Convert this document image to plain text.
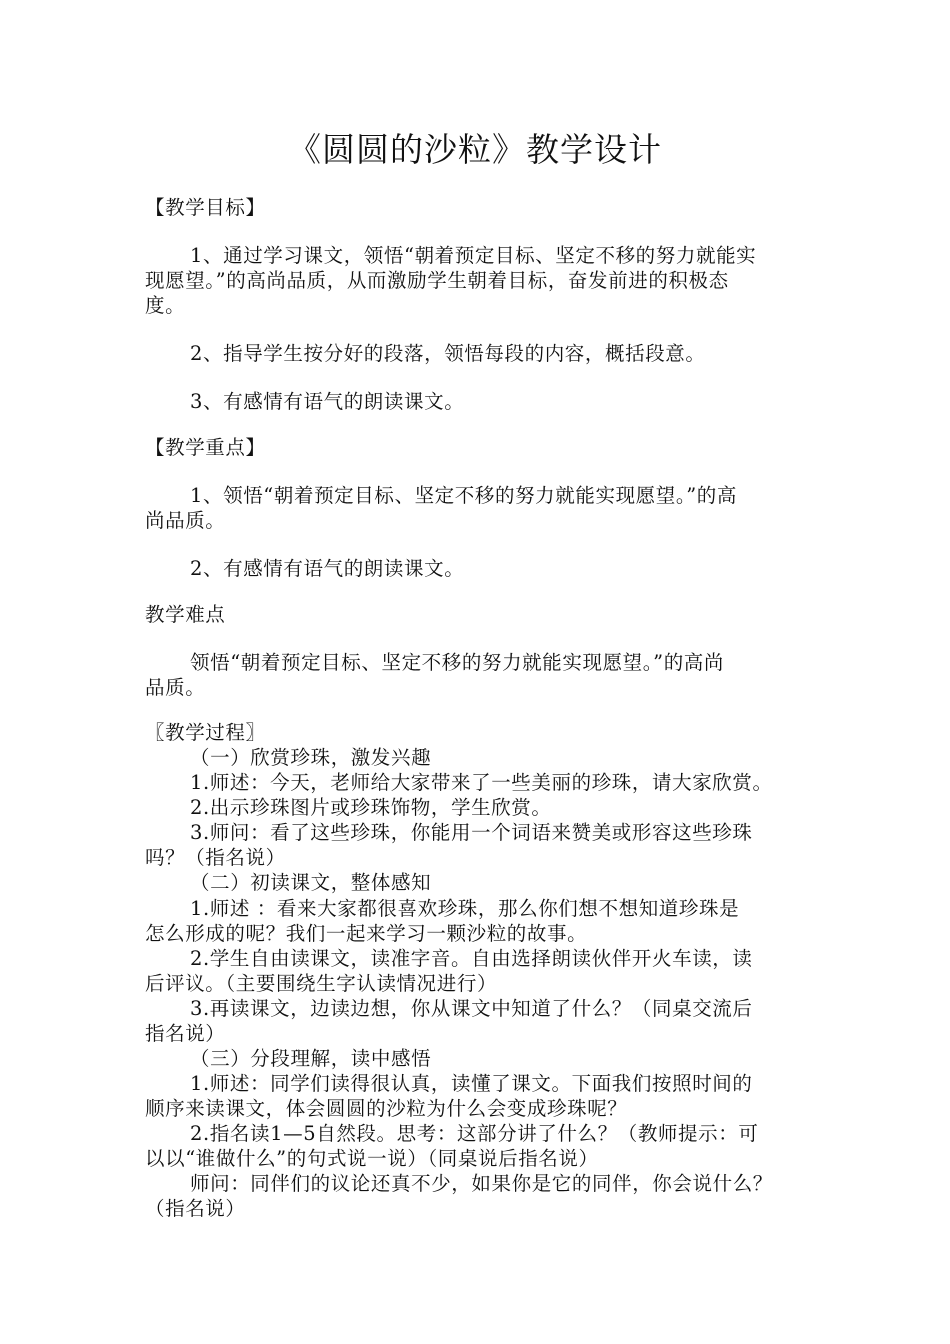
《圆圆的沙粒》教学设计
【教学目标】
1、通过学习课文，领悟“朝着预定目标、坚定不移的努力就能实
现愿望。”的高尚品质，从而激励学生朝着目标，奋发前进的积极态
度。
2、指导学生按分好的段落，领悟每段的内容，概括段意。
3、有感情有语气的朗读课文。
【教学重点】
1、领悟“朝着预定目标、坚定不移的努力就能实现愿望。”的高
尚品质。
2、有感情有语气的朗读课文。
教学难点
领悟“朝着预定目标、坚定不移的努力就能实现愿望。”的高尚
品质。
〖教学过程〗
（一）欣赏珍珠，激发兴趣
1.师述：今天，老师给大家带来了一些美丽的珍珠，请大家欣赏。
2.出示珍珠图片或珍珠饰物，学生欣赏。
3.师问：看了这些珍珠，你能用一个词语来赞美或形容这些珍珠
吗？（指名说）
（二）初读课文，整体感知
1.师述 ：看来大家都很喜欢珍珠，那么你们想不想知道珍珠是
怎么形成的呢？我们一起来学习一颗沙粒的故事。
2.学生自由读课文，读准字音。自由选择朗读伙伴开火车读，读
后评议。（主要围绕生字认读情况进行）
3.再读课文，边读边想，你从课文中知道了什么？（同桌交流后
指名说）
（三）分段理解，读中感悟
1.师述：同学们读得很认真，读懂了课文。下面我们按照时间的
顺序来读课文，体会圆圆的沙粒为什么会变成珍珠呢？
2.指名读1—5自然段。思考：这部分讲了什么？（教师提示：可
以以“谁做什么”的句式说一说）（同桌说后指名说）
师问：同伴们的议论还真不少，如果你是它的同伴，你会说什么？
（指名说）
